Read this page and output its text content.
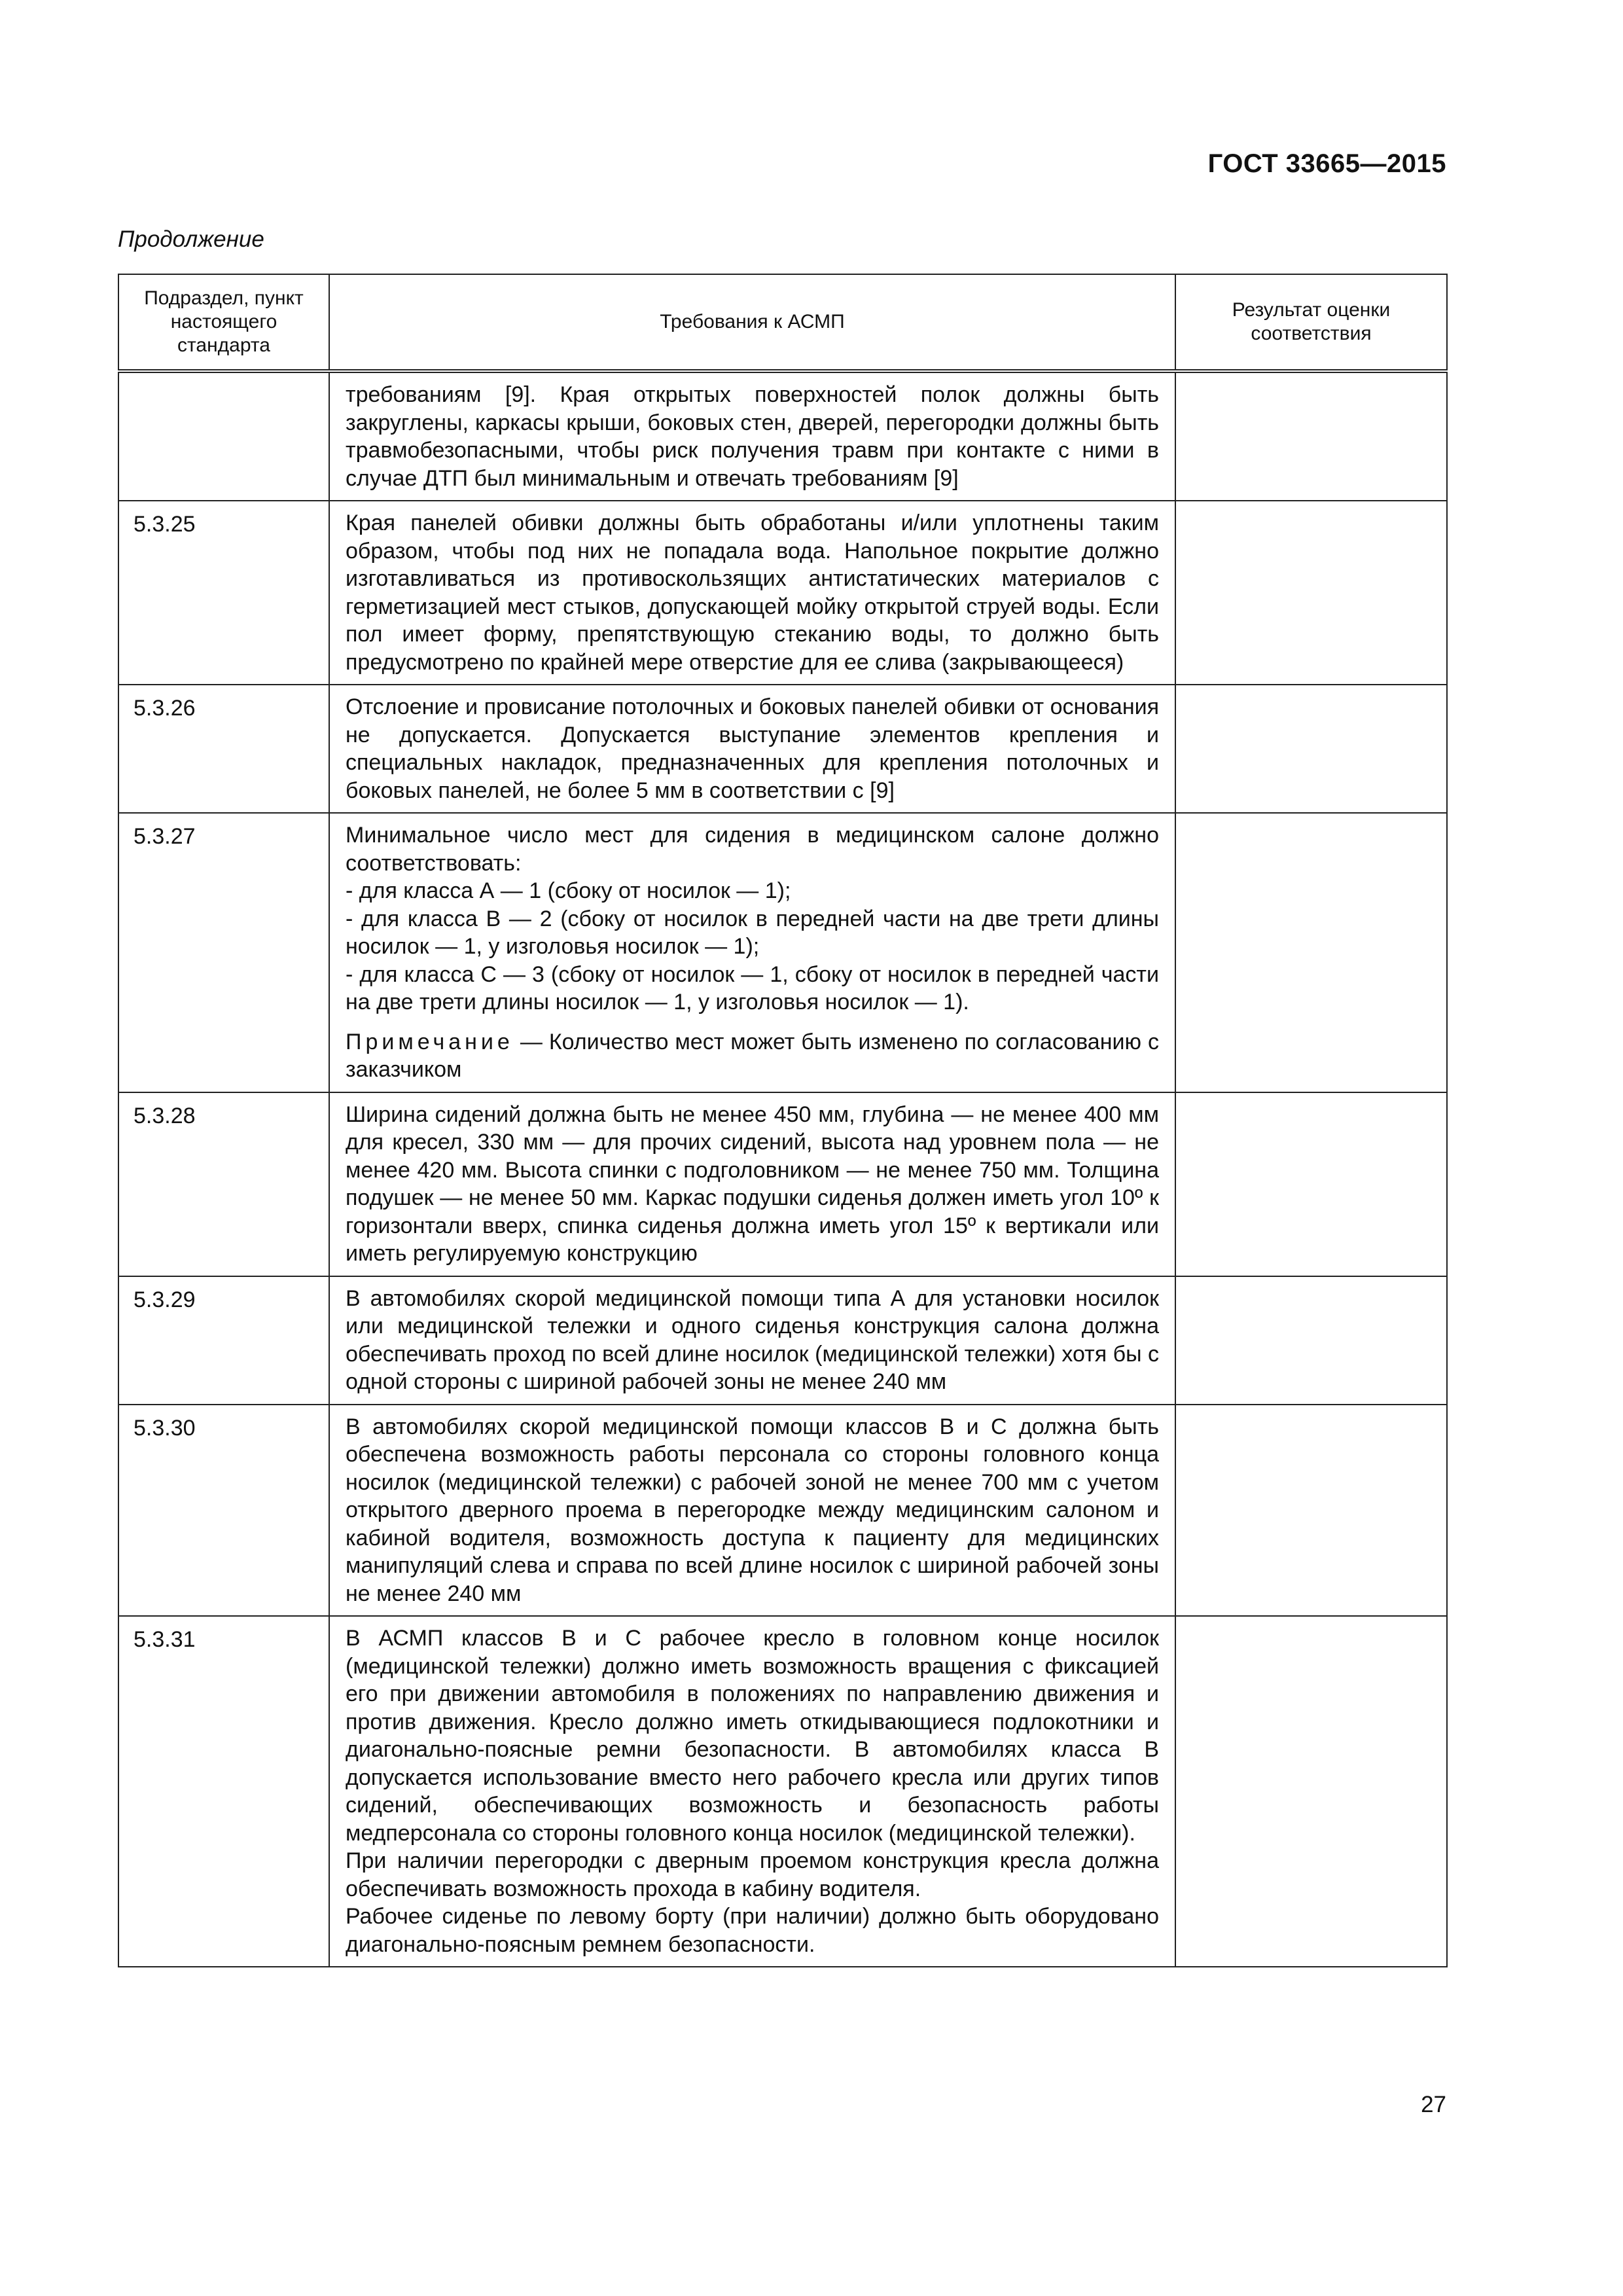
ГОСТ 33665—2015
Продолжение
Подраздел, пункт настоящего стандарта	Требования к АСМП	Результат оценки соответствия

	требованиям [9]. Края открытых поверхностей полок должны быть закруглены, каркасы крыши, боковых стен, дверей, перегородки должны быть травмобезопасными, чтобы риск получения травм при контакте с ними в случае ДТП был минимальным и отвечать требованиям [9]	

5.3.25	Края панелей обивки должны быть обработаны и/или уплотнены таким образом, чтобы под них не попадала вода. Напольное покрытие должно изготавливаться из противоскользящих антистатических материалов с герметизацией мест стыков, допускающей мойку открытой струей воды. Если пол имеет форму, препятствующую стеканию воды, то должно быть предусмотрено по крайней мере отверстие для ее слива (закрывающееся)	

5.3.26	Отслоение и провисание потолочных и боковых панелей обивки от основания не допускается. Допускается выступание элементов крепления и специальных накладок, предназначенных для крепления потолочных и боковых панелей, не более 5 мм в соответствии с [9]	

5.3.27	Минимальное число мест для сидения в медицинском салоне должно соответствовать:

- для класса А — 1 (сбоку от носилок — 1);

- для класса В — 2 (сбоку от носилок в передней части на две трети длины носилок — 1, у изголовья носилок — 1);

- для класса С — 3 (сбоку от носилок — 1, сбоку от носилок в передней части на две трети длины носилок — 1, у изголовья носилок — 1).

Примечание — Количество мест может быть изменено по согласованию с заказчиком	

5.3.28	Ширина сидений должна быть не менее 450 мм, глубина — не менее 400 мм для кресел, 330 мм — для прочих сидений, высота над уровнем пола — не менее 420 мм. Высота спинки с подголовником — не менее 750 мм. Толщина подушек — не менее 50 мм. Каркас подушки сиденья должен иметь угол 10º к горизонтали вверх, спинка сиденья должна иметь угол 15º к вертикали или иметь регулируемую конструкцию	

5.3.29	В автомобилях скорой медицинской помощи типа А для установки носилок или медицинской тележки и одного сиденья конструкция салона должна обеспечивать проход по всей длине носилок (медицинской тележки) хотя бы с одной стороны с шириной рабочей зоны не менее 240 мм	

5.3.30	В автомобилях скорой медицинской помощи классов В и С должна быть обеспечена возможность работы персонала со стороны головного конца носилок (медицинской тележки) с рабочей зоной не менее 700 мм с учетом открытого дверного проема в перегородке между медицинским салоном и кабиной водителя, возможность доступа к пациенту для медицинских манипуляций слева и справа по всей длине носилок с шириной рабочей зоны не менее 240 мм	

5.3.31	В АСМП классов В и С рабочее кресло в головном конце носилок (медицинской тележки) должно иметь возможность вращения с фиксацией его при движении автомобиля в положениях по направлению движения и против движения. Кресло должно иметь откидывающиеся подлокотники и диагонально-поясные ремни безопасности. В автомобилях класса В допускается использование вместо него рабочего кресла или других типов сидений, обеспечивающих возможность и безопасность работы медперсонала со стороны головного конца носилок (медицинской тележки).

При наличии перегородки с дверным проемом конструкция кресла должна обеспечивать возможность прохода в кабину водителя.

Рабочее сиденье по левому борту (при наличии) должно быть оборудовано диагонально-поясным ремнем безопасности.	

27
